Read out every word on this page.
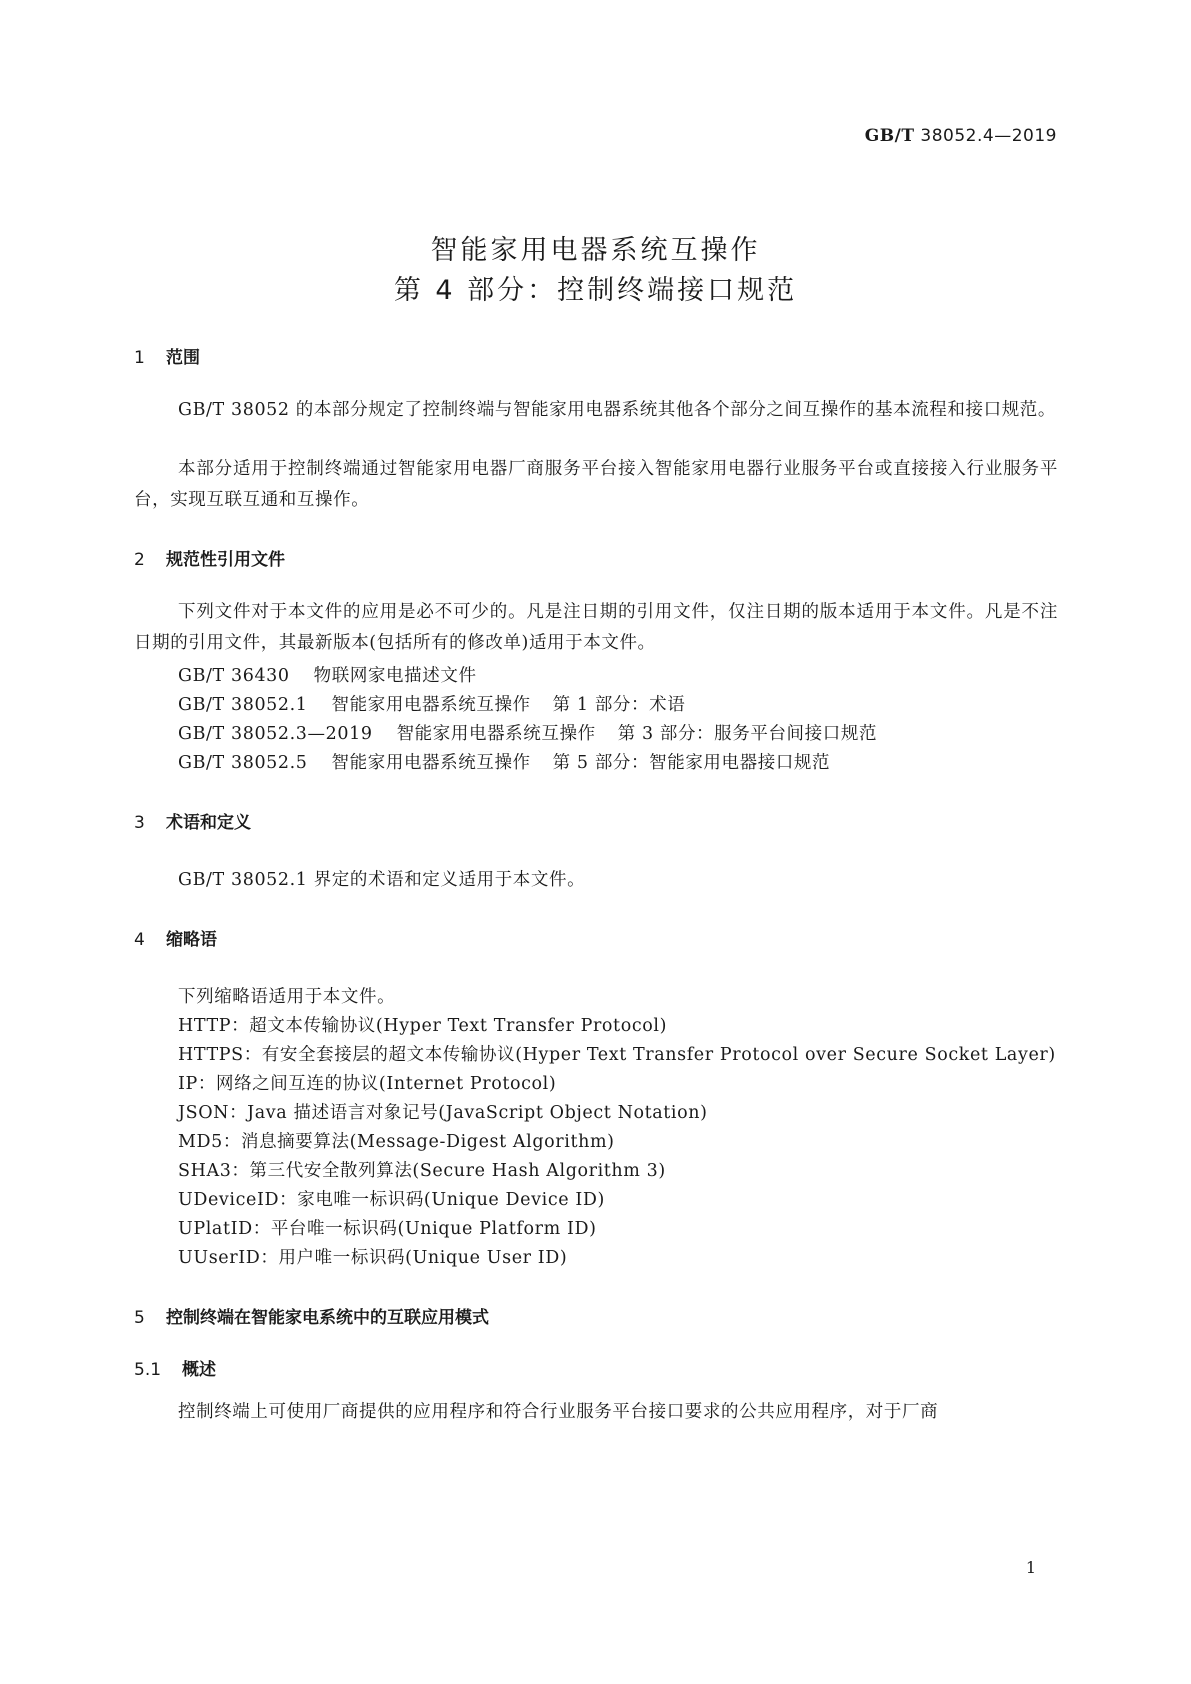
GB/T 38052.4—2019
智能家用电器系统互操作
第 4 部分：控制终端接口规范
1 范围
GB/T 38052 的本部分规定了控制终端与智能家用电器系统其他各个部分之间互操作的基本流程和接口规范。
本部分适用于控制终端通过智能家用电器厂商服务平台接入智能家用电器行业服务平台或直接接入行业服务平台，实现互联互通和互操作。
2 规范性引用文件
下列文件对于本文件的应用是必不可少的。凡是注日期的引用文件，仅注日期的版本适用于本文件。凡是不注日期的引用文件，其最新版本(包括所有的修改单)适用于本文件。
GB/T 36430 物联网家电描述文件
GB/T 38052.1 智能家用电器系统互操作 第 1 部分：术语
GB/T 38052.3—2019 智能家用电器系统互操作 第 3 部分：服务平台间接口规范
GB/T 38052.5 智能家用电器系统互操作 第 5 部分：智能家用电器接口规范
3 术语和定义
GB/T 38052.1 界定的术语和定义适用于本文件。
4 缩略语
下列缩略语适用于本文件。
HTTP：超文本传输协议(Hyper Text Transfer Protocol)
HTTPS：有安全套接层的超文本传输协议(Hyper Text Transfer Protocol over Secure Socket Layer)
IP：网络之间互连的协议(Internet Protocol)
JSON：Java 描述语言对象记号(JavaScript Object Notation)
MD5：消息摘要算法(Message-Digest Algorithm)
SHA3：第三代安全散列算法(Secure Hash Algorithm 3)
UDeviceID：家电唯一标识码(Unique Device ID)
UPlatID：平台唯一标识码(Unique Platform ID)
UUserID：用户唯一标识码(Unique User ID)
5 控制终端在智能家电系统中的互联应用模式
5.1 概述
控制终端上可使用厂商提供的应用程序和符合行业服务平台接口要求的公共应用程序，对于厂商
1
